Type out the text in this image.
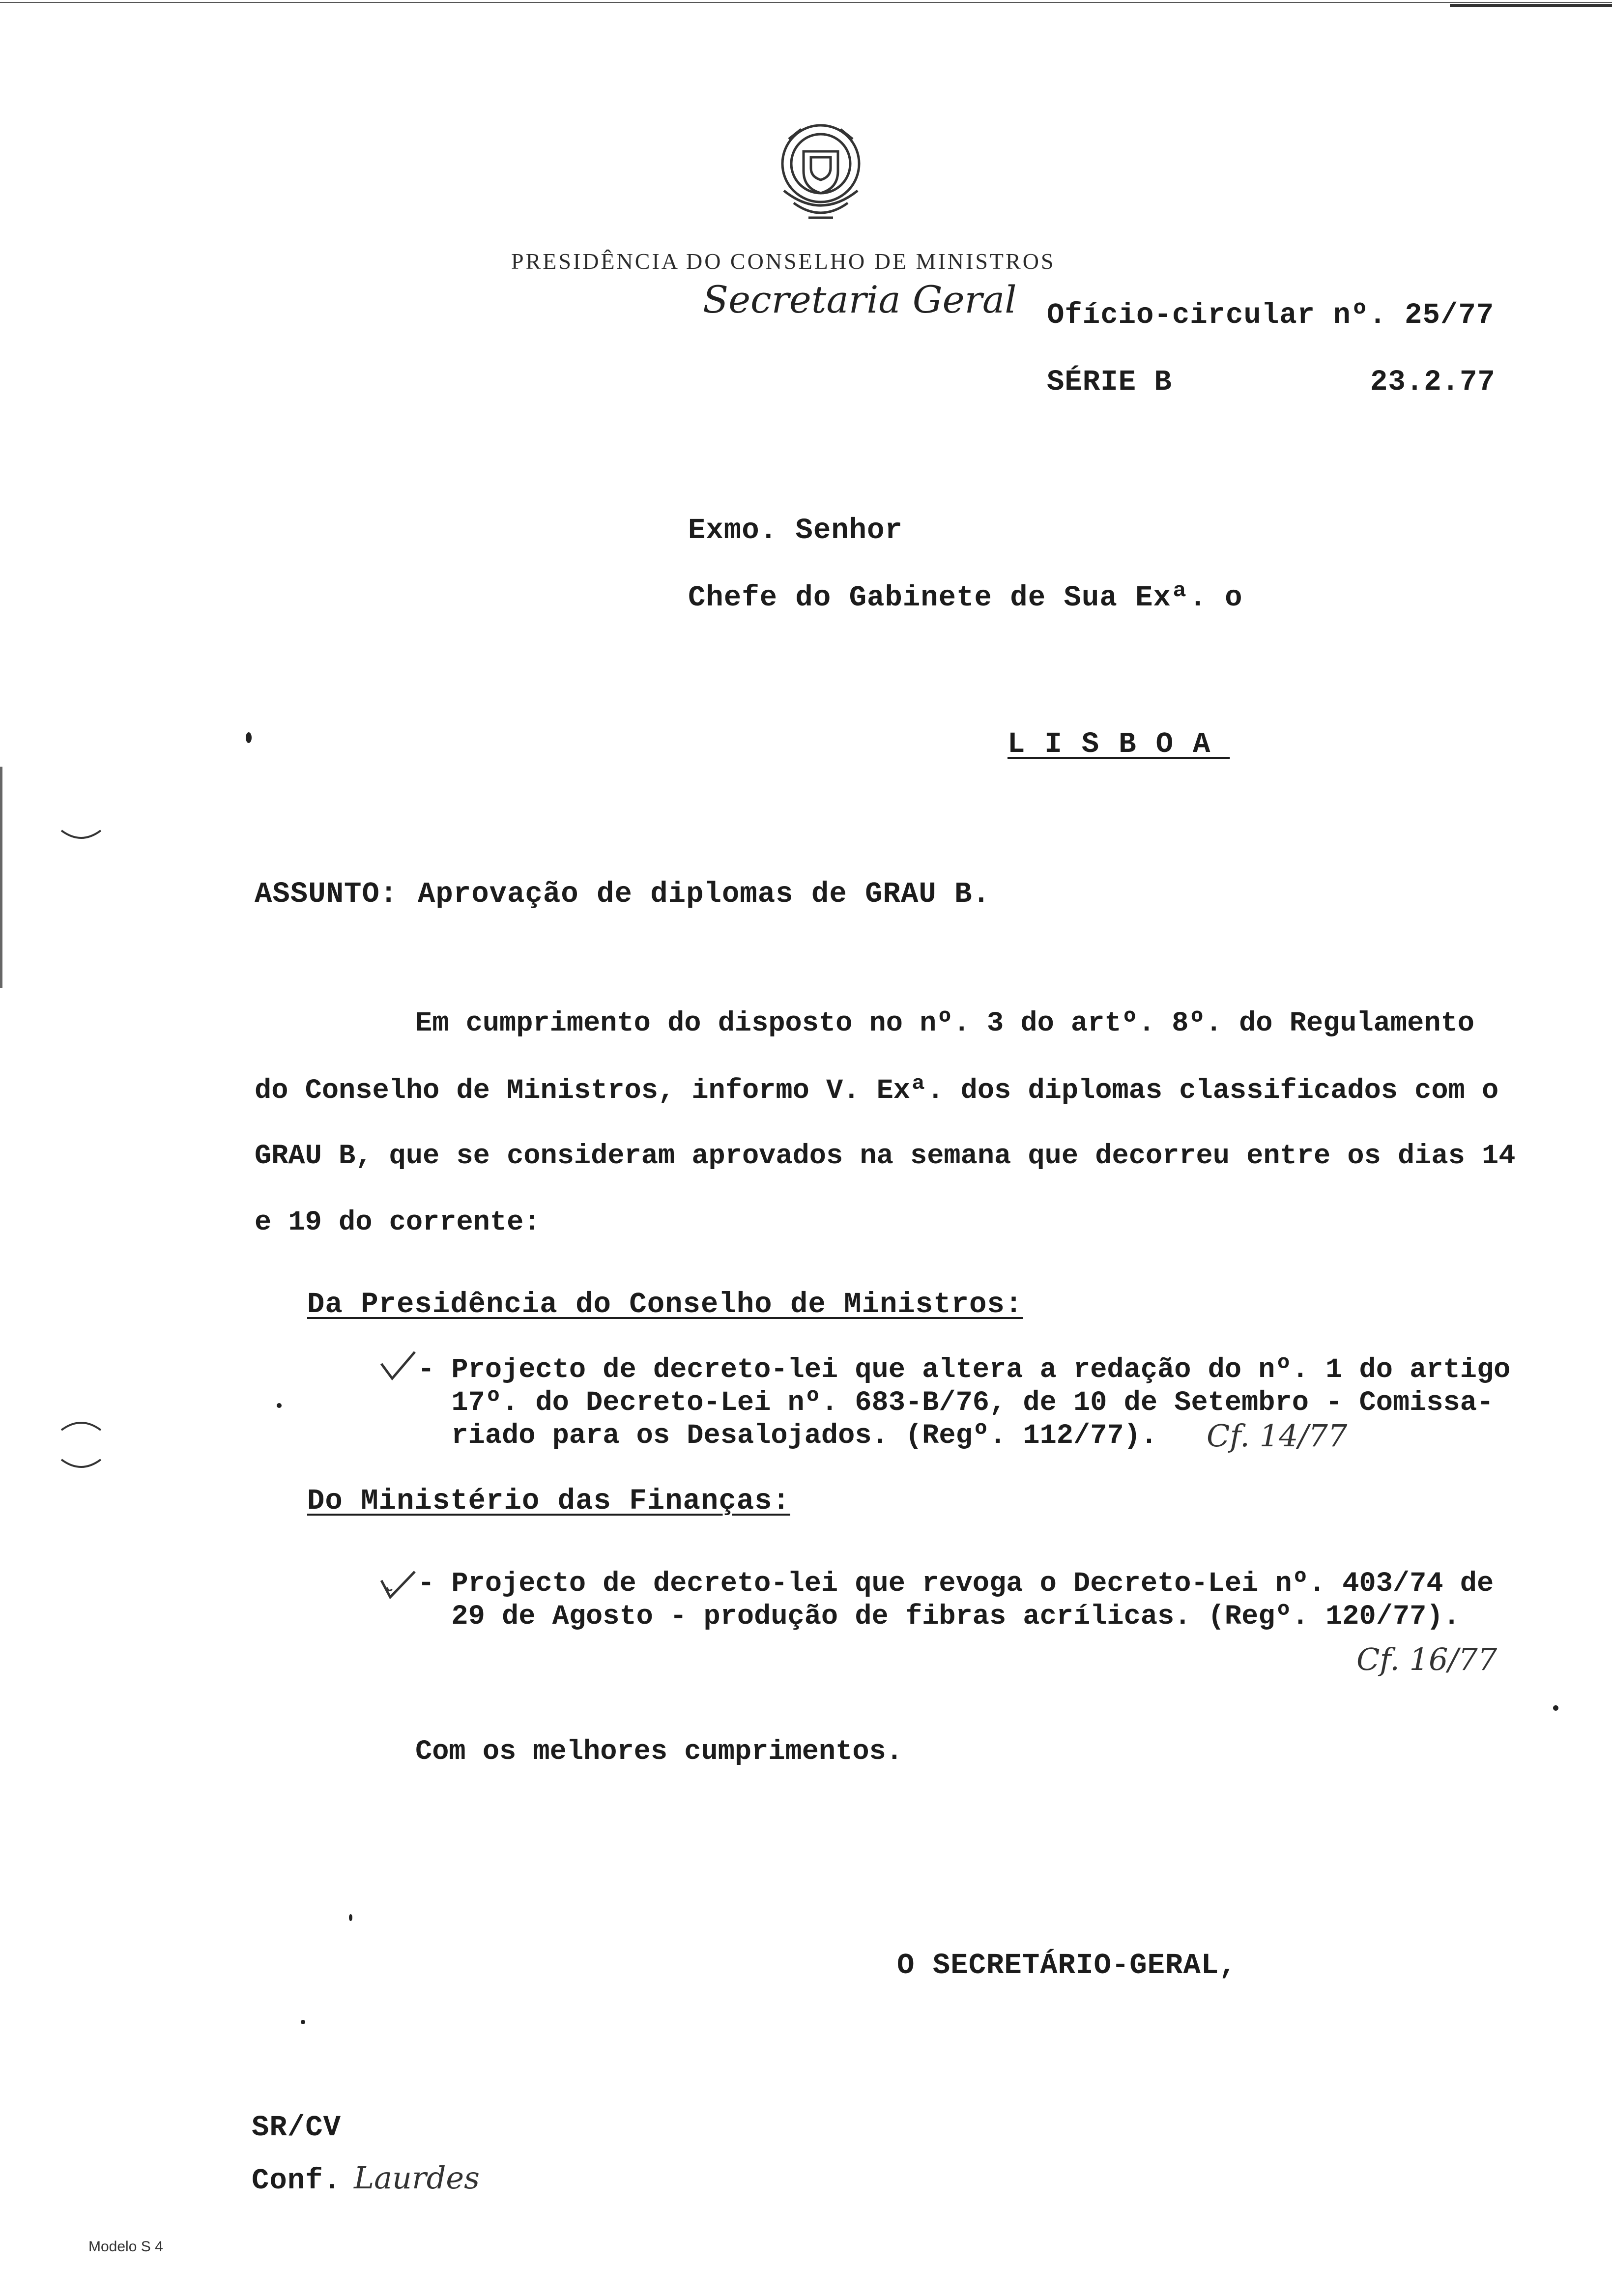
PRESIDÊNCIA DO CONSELHO DE MINISTROS
Secretaria Geral Ofício-circular nº. 25/77
SÉRIE B	23.2.77
Exmo. Senhor
Chefe do Gabinete de Sua Exª. o
LISBOA
ASSUNTO: Aprovação de diplomas de GRAU B.
Em cumprimento do disposto no nº. 3 do artº. 8º. do Regulamento
do Conselho de Ministros, informo V. Exª. dos diplomas classificados com o
GRAU B, que se consideram aprovados na semana que decorreu entre os dias 14
e 19 do corrente:
Da Presidência do Conselho de Ministros:
- Projecto de decreto-lei que altera a redação do nº. 1 do artigo
17º. do Decreto-Lei nº. 683-B/76, de 10 de Setembro - Comissa-
riado para os Desalojados. (Regº. 112/77). Cf. 14/77
Do Ministério das Finanças:
- Projecto de decreto-lei que revoga o Decreto-Lei nº. 403/74 de
29 de Agosto - produção de fibras acrílicas. (Regº. 120/77).
Cf. 16/77
Com os melhores cumprimentos.
O SECRETÁRIO-GERAL,
SR/CV
Conf. Laurdes
Modelo S 4
